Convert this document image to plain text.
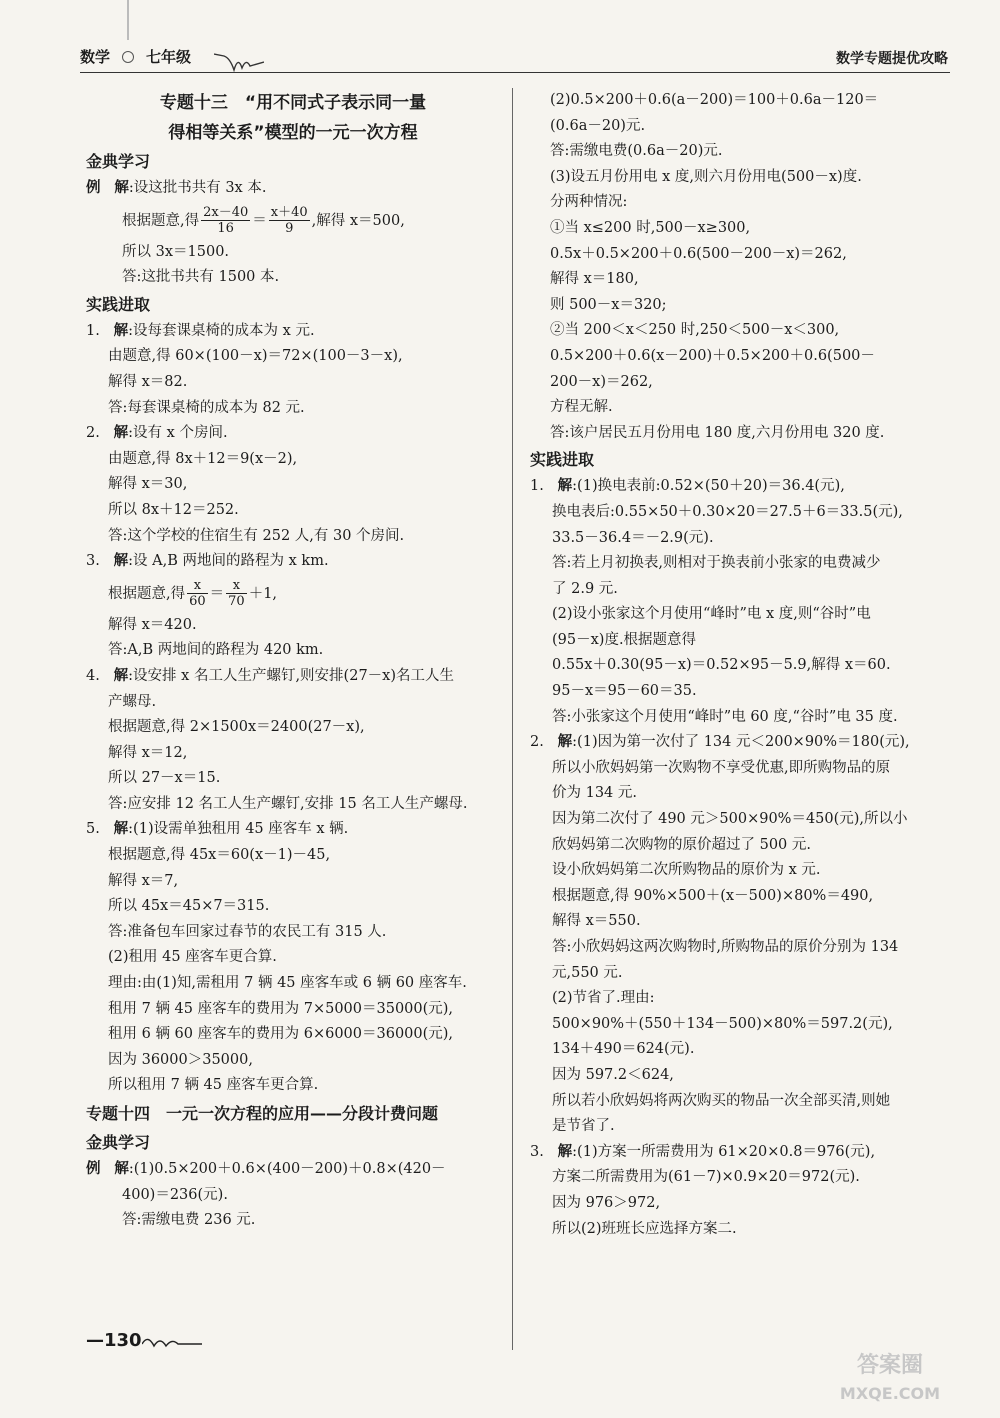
数学 七年级	数学专题提优攻略
专题十三　“用不同式子表示同一量
得相等关系”模型的一元一次方程
金典学习
例 解:设这批书共有 3x 本.
根据题意,得 $\frac{2x-40}{16} = \frac{x+40}{9}$ ,解得 x＝500,
所以 3x＝1500.
答:这批书共有 1500 本.
实践进取
1. 解:设每套课桌椅的成本为 x 元.
由题意,得 60×(100－x)＝72×(100－3－x),
解得 x＝82.
答:每套课桌椅的成本为 82 元.
2. 解:设有 x 个房间.
由题意,得 8x＋12＝9(x－2),
解得 x＝30,
所以 8x＋12＝252.
答:这个学校的住宿生有 252 人,有 30 个房间.
3. 解:设 A,B 两地间的路程为 x km.
根据题意,得 $\frac{x}{60} = \frac{x}{70} +1$,
解得 x＝420.
答:A,B 两地间的路程为 420 km.
4. 解:设安排 x 名工人生产螺钉,则安排(27－x)名工人生
产螺母.
根据题意,得 2×1500x＝2400(27－x),
解得 x＝12,
所以 27－x＝15.
答:应安排 12 名工人生产螺钉,安排 15 名工人生产螺母.
5. 解:(1)设需单独租用 45 座客车 x 辆.
根据题意,得 45x＝60(x－1)－45,
解得 x＝7,
所以 45x＝45×7＝315.
答:准备包车回家过春节的农民工有 315 人.
(2)租用 45 座客车更合算.
理由:由(1)知,需租用 7 辆 45 座客车或 6 辆 60 座客车.
租用 7 辆 45 座客车的费用为 7×5000＝35000(元),
租用 6 辆 60 座客车的费用为 6×6000＝36000(元),
因为 36000＞35000,
所以租用 7 辆 45 座客车更合算.
专题十四　一元一次方程的应用——分段计费问题
金典学习
例 解:(1)0.5×200＋0.6×(400－200)＋0.8×(420－
400)＝236(元).
答:需缴电费 236 元.
(2)0.5×200＋0.6(a－200)＝100＋0.6a－120＝
(0.6a－20)元.
答:需缴电费(0.6a－20)元.
(3)设五月份用电 x 度,则六月份用电(500－x)度.
分两种情况:
①当 x≤200 时,500－x≥300,
0.5x＋0.5×200＋0.6(500－200－x)＝262,
解得 x＝180,
则 500－x＝320;
②当 200＜x＜250 时,250＜500－x＜300,
0.5×200＋0.6(x－200)＋0.5×200＋0.6(500－
200－x)＝262,
方程无解.
答:该户居民五月份用电 180 度,六月份用电 320 度.
实践进取
1. 解:(1)换电表前:0.52×(50＋20)＝36.4(元),
换电表后:0.55×50＋0.30×20＝27.5＋6＝33.5(元),
33.5－36.4＝－2.9(元).
答:若上月初换表,则相对于换表前小张家的电费减少
了 2.9 元.
(2)设小张家这个月使用“峰时”电 x 度,则“谷时”电
(95－x)度.根据题意得
0.55x＋0.30(95－x)＝0.52×95－5.9,解得 x＝60.
95－x＝95－60＝35.
答:小张家这个月使用“峰时”电 60 度,“谷时”电 35 度.
2. 解:(1)因为第一次付了 134 元＜200×90%＝180(元),
所以小欣妈妈第一次购物不享受优惠,即所购物品的原
价为 134 元.
因为第二次付了 490 元＞500×90%＝450(元),所以小
欣妈妈第二次购物的原价超过了 500 元.
设小欣妈妈第二次所购物品的原价为 x 元.
根据题意,得 90%×500＋(x－500)×80%＝490,
解得 x＝550.
答:小欣妈妈这两次购物时,所购物品的原价分别为 134
元,550 元.
(2)节省了.理由:
500×90%＋(550＋134－500)×80%＝597.2(元),
134＋490＝624(元).
因为 597.2＜624,
所以若小欣妈妈将两次购买的物品一次全部买清,则她
是节省了.
3. 解:(1)方案一所需费用为 61×20×0.8＝976(元),
方案二所需费用为(61－7)×0.9×20＝972(元).
因为 976＞972,
所以(2)班班长应选择方案二.
—130
答案圈
MXQE.COM
